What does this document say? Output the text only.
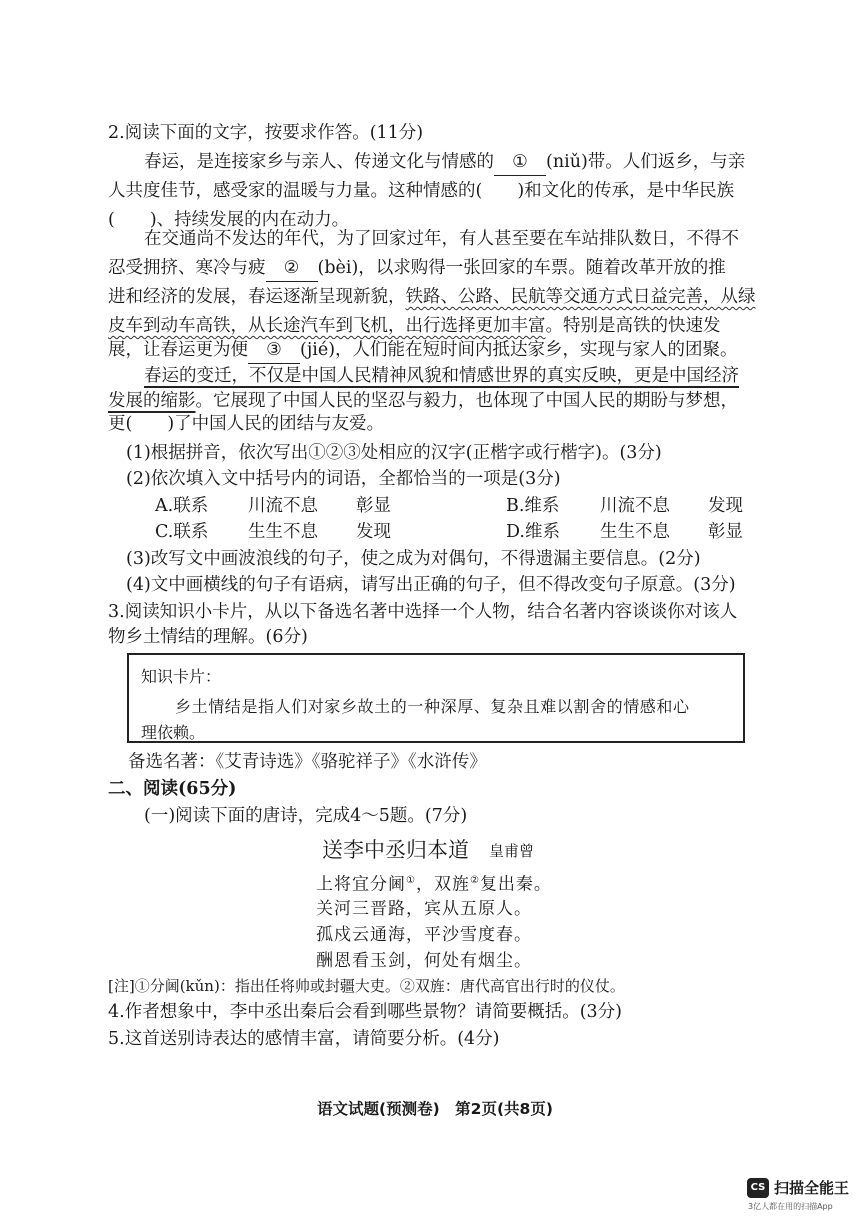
2.阅读下面的文字，按要求作答。(11分)
春运，是连接家乡与亲人、传递文化与情感的 ① (niǔ)带。人们返乡，与亲
人共度佳节，感受家的温暖与力量。这种情感的(　　)和文化的传承，是中华民族
(　　)、持续发展的内在动力。
在交通尚不发达的年代，为了回家过年，有人甚至要在车站排队数日，不得不
忍受拥挤、寒冷与疲 ② (bèi)，以求购得一张回家的车票。随着改革开放的推
进和经济的发展，春运逐渐呈现新貌，铁路、公路、民航等交通方式日益完善，从绿
皮车到动车高铁，从长途汽车到飞机，出行选择更加丰富。特别是高铁的快速发
展，让春运更为便 ③ (jié)，人们能在短时间内抵达家乡，实现与家人的团聚。
春运的变迁，不仅是中国人民精神风貌和情感世界的真实反映，更是中国经济
发展的缩影。它展现了中国人民的坚忍与毅力，也体现了中国人民的期盼与梦想，
更(　　)了中国人民的团结与友爱。
(1)根据拼音，依次写出①②③处相应的汉字(正楷字或行楷字)。(3分)
(2)依次填入文中括号内的词语，全都恰当的一项是(3分)
A.联系 川流不息 彰显	B.维系 川流不息 发现
C.联系 生生不息 发现	D.维系 生生不息 彰显
(3)改写文中画波浪线的句子，使之成为对偶句，不得遗漏主要信息。(2分)
(4)文中画横线的句子有语病，请写出正确的句子，但不得改变句子原意。(3分)
3.阅读知识小卡片，从以下备选名著中选择一个人物，结合名著内容谈谈你对该人
物乡土情结的理解。(6分)
知识卡片：
乡土情结是指人们对家乡故土的一种深厚、复杂且难以割舍的情感和心
理依赖。
备选名著：《艾青诗选》《骆驼祥子》《水浒传》
二、阅读(65分)
(一)阅读下面的唐诗，完成4～5题。(7分)
送李中丞归本道 皇甫曾
上将宜分阃①，双旌②复出秦。
关河三晋路，宾从五原人。
孤戍云通海，平沙雪度春。
酬恩看玉剑，何处有烟尘。
[注]①分阃(kǔn)：指出任将帅或封疆大吏。②双旌：唐代高官出行时的仪仗。
4.作者想象中，李中丞出秦后会看到哪些景物？请简要概括。(3分)
5.这首送别诗表达的感情丰富，请简要分析。(4分)
语文试题(预测卷)　第2页(共8页)
CS 扫描全能王
3亿人都在用的扫描App
